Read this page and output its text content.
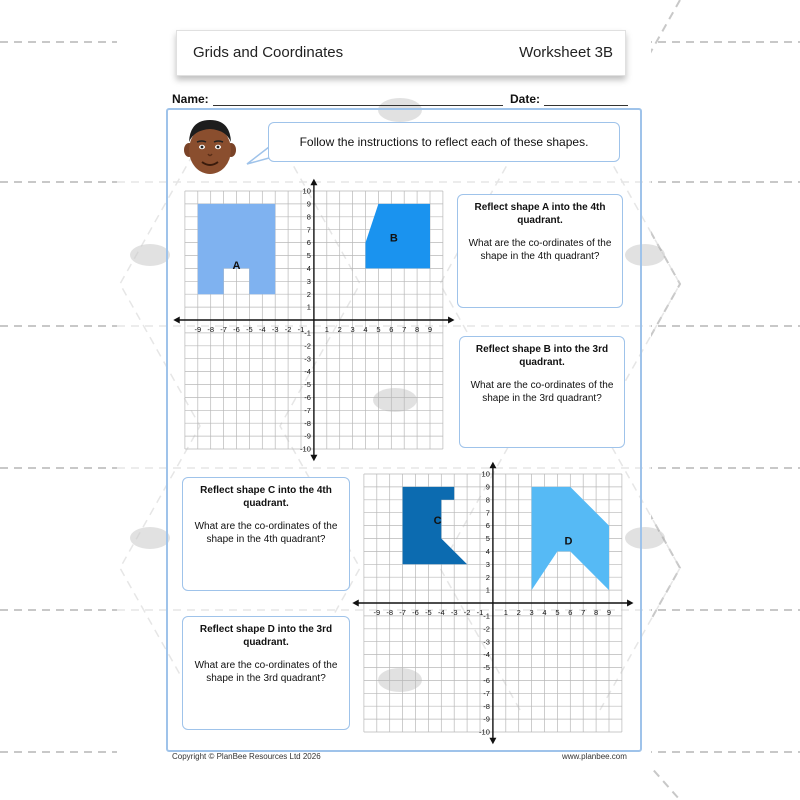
Grids and Coordinates	Worksheet 3B
Name:	Date:
Follow the instructions to reflect each of these shapes.
A
B
-9 -8 -7 -6 -5 -4 -3 -2 -1	1 2 3 4 5 6 7 8 9
10
9
8
7
6
5
4
3
2
1
-1
-2
-3
-4
-5
-6
-7
-8
-9
-10
C
D
-9 -8 -7 -6 -5 -4 -3 -2 -1	1 2 3 4 5 6 7 8 9
10
9
8
7
6
5
4
3
2
1
-1
-2
-3
-4
-5
-6
-7
-8
-9
-10
Reflect shape A into the 4th quadrant.
What are the co-ordinates of the shape in the 4th quadrant?
Reflect shape B into the 3rd quadrant.
What are the co-ordinates of the shape in the 3rd quadrant?
Reflect shape C into the 4th quadrant.
What are the co-ordinates of the shape in the 4th quadrant?
Reflect shape D into the 3rd quadrant.
What are the co-ordinates of the shape in the 3rd quadrant?
Copyright © PlanBee Resources Ltd 2026	www.planbee.com
